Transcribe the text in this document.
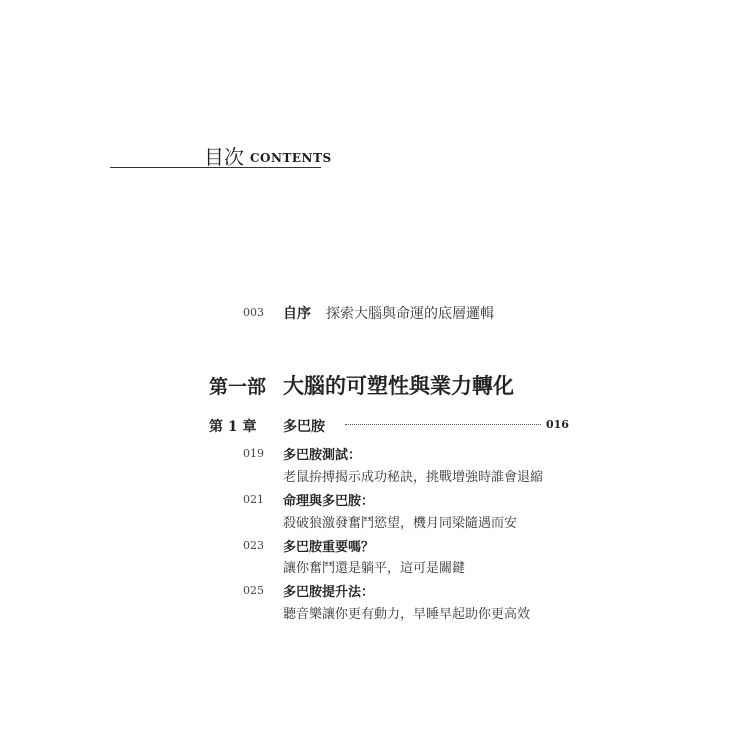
目次 CONTENTS
003 自序 探索大腦與命運的底層邏輯
第一部 大腦的可塑性與業力轉化
第 1 章 多巴胺	016
019 多巴胺測試：
老鼠拚搏揭示成功秘訣，挑戰增強時誰會退縮
021 命理與多巴胺：
殺破狼激發奮鬥慾望，機月同梁隨遇而安
023 多巴胺重要嗎？
讓你奮鬥還是躺平，這可是關鍵
025 多巴胺提升法：
聽音樂讓你更有動力，早睡早起助你更高效
